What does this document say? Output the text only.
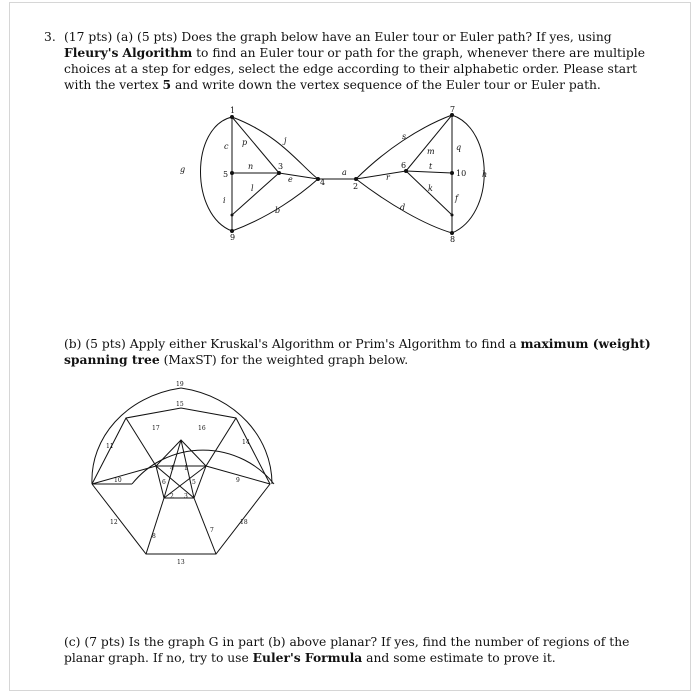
3. (17 pts) (a) (5 pts) Does the graph below have an Euler tour or Euler path? If yes, using Fleury's Algorithm to find an Euler tour or path for the graph, whenever there are multiple choices at a step for edges, select the edge according to their alphabetic order. Please start with the vertex 5 and write down the vertex sequence of the Euler tour or Euler path.
1
2
3
4
5
6
7
8
9
10
a
b
c
d
e
f
g
h
i
j
k
l
m
n
p
q
r
s
t
(b) (5 pts) Apply either Kruskal's Algorithm or Prim's Algorithm to find a maximum (weight) spanning tree (MaxST) for the weighted graph below.
19
15
17	16
14
11
10
4 1
6	5	9
2 3
12
8
18
7
13
(c) (7 pts) Is the graph G in part (b) above planar? If yes, find the number of regions of the planar graph. If no, try to use Euler's Formula and some estimate to prove it.
